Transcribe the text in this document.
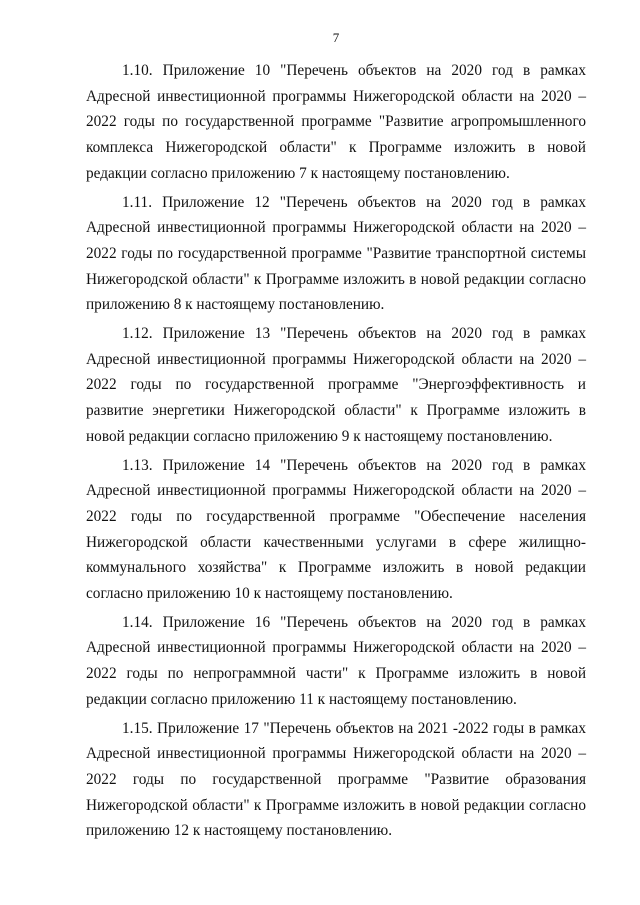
7

1.10. Приложение 10 "Перечень объектов на 2020 год в рамках Адресной инвестиционной программы Нижегородской области на 2020 – 2022 годы по государственной программе "Развитие агропромышленного комплекса Нижегородской области" к Программе изложить в новой редакции согласно приложению 7 к настоящему постановлению.

1.11. Приложение 12 "Перечень объектов на 2020 год в рамках Адресной инвестиционной программы Нижегородской области на 2020 – 2022 годы по государственной программе "Развитие транспортной системы Нижегородской области" к Программе изложить в новой редакции согласно приложению 8 к настоящему постановлению.

1.12. Приложение 13 "Перечень объектов на 2020 год в рамках Адресной инвестиционной программы Нижегородской области на 2020 – 2022 годы по государственной программе "Энергоэффективность и развитие энергетики Нижегородской области" к Программе изложить в новой редакции согласно приложению 9 к настоящему постановлению.

1.13. Приложение 14 "Перечень объектов на 2020 год в рамках Адресной инвестиционной программы Нижегородской области на 2020 – 2022 годы по государственной программе "Обеспечение населения Нижегородской области качественными услугами в сфере жилищно-коммунального хозяйства" к Программе изложить в новой редакции согласно приложению 10 к настоящему постановлению.

1.14. Приложение 16 "Перечень объектов на 2020 год в рамках Адресной инвестиционной программы Нижегородской области на 2020 – 2022 годы по непрограммной части" к Программе изложить в новой редакции согласно приложению 11 к настоящему постановлению.

1.15. Приложение 17 "Перечень объектов на 2021 -2022 годы в рамках Адресной инвестиционной программы Нижегородской области на 2020 – 2022 годы по государственной программе "Развитие образования Нижегородской области" к Программе изложить в новой редакции согласно приложению 12 к настоящему постановлению.
